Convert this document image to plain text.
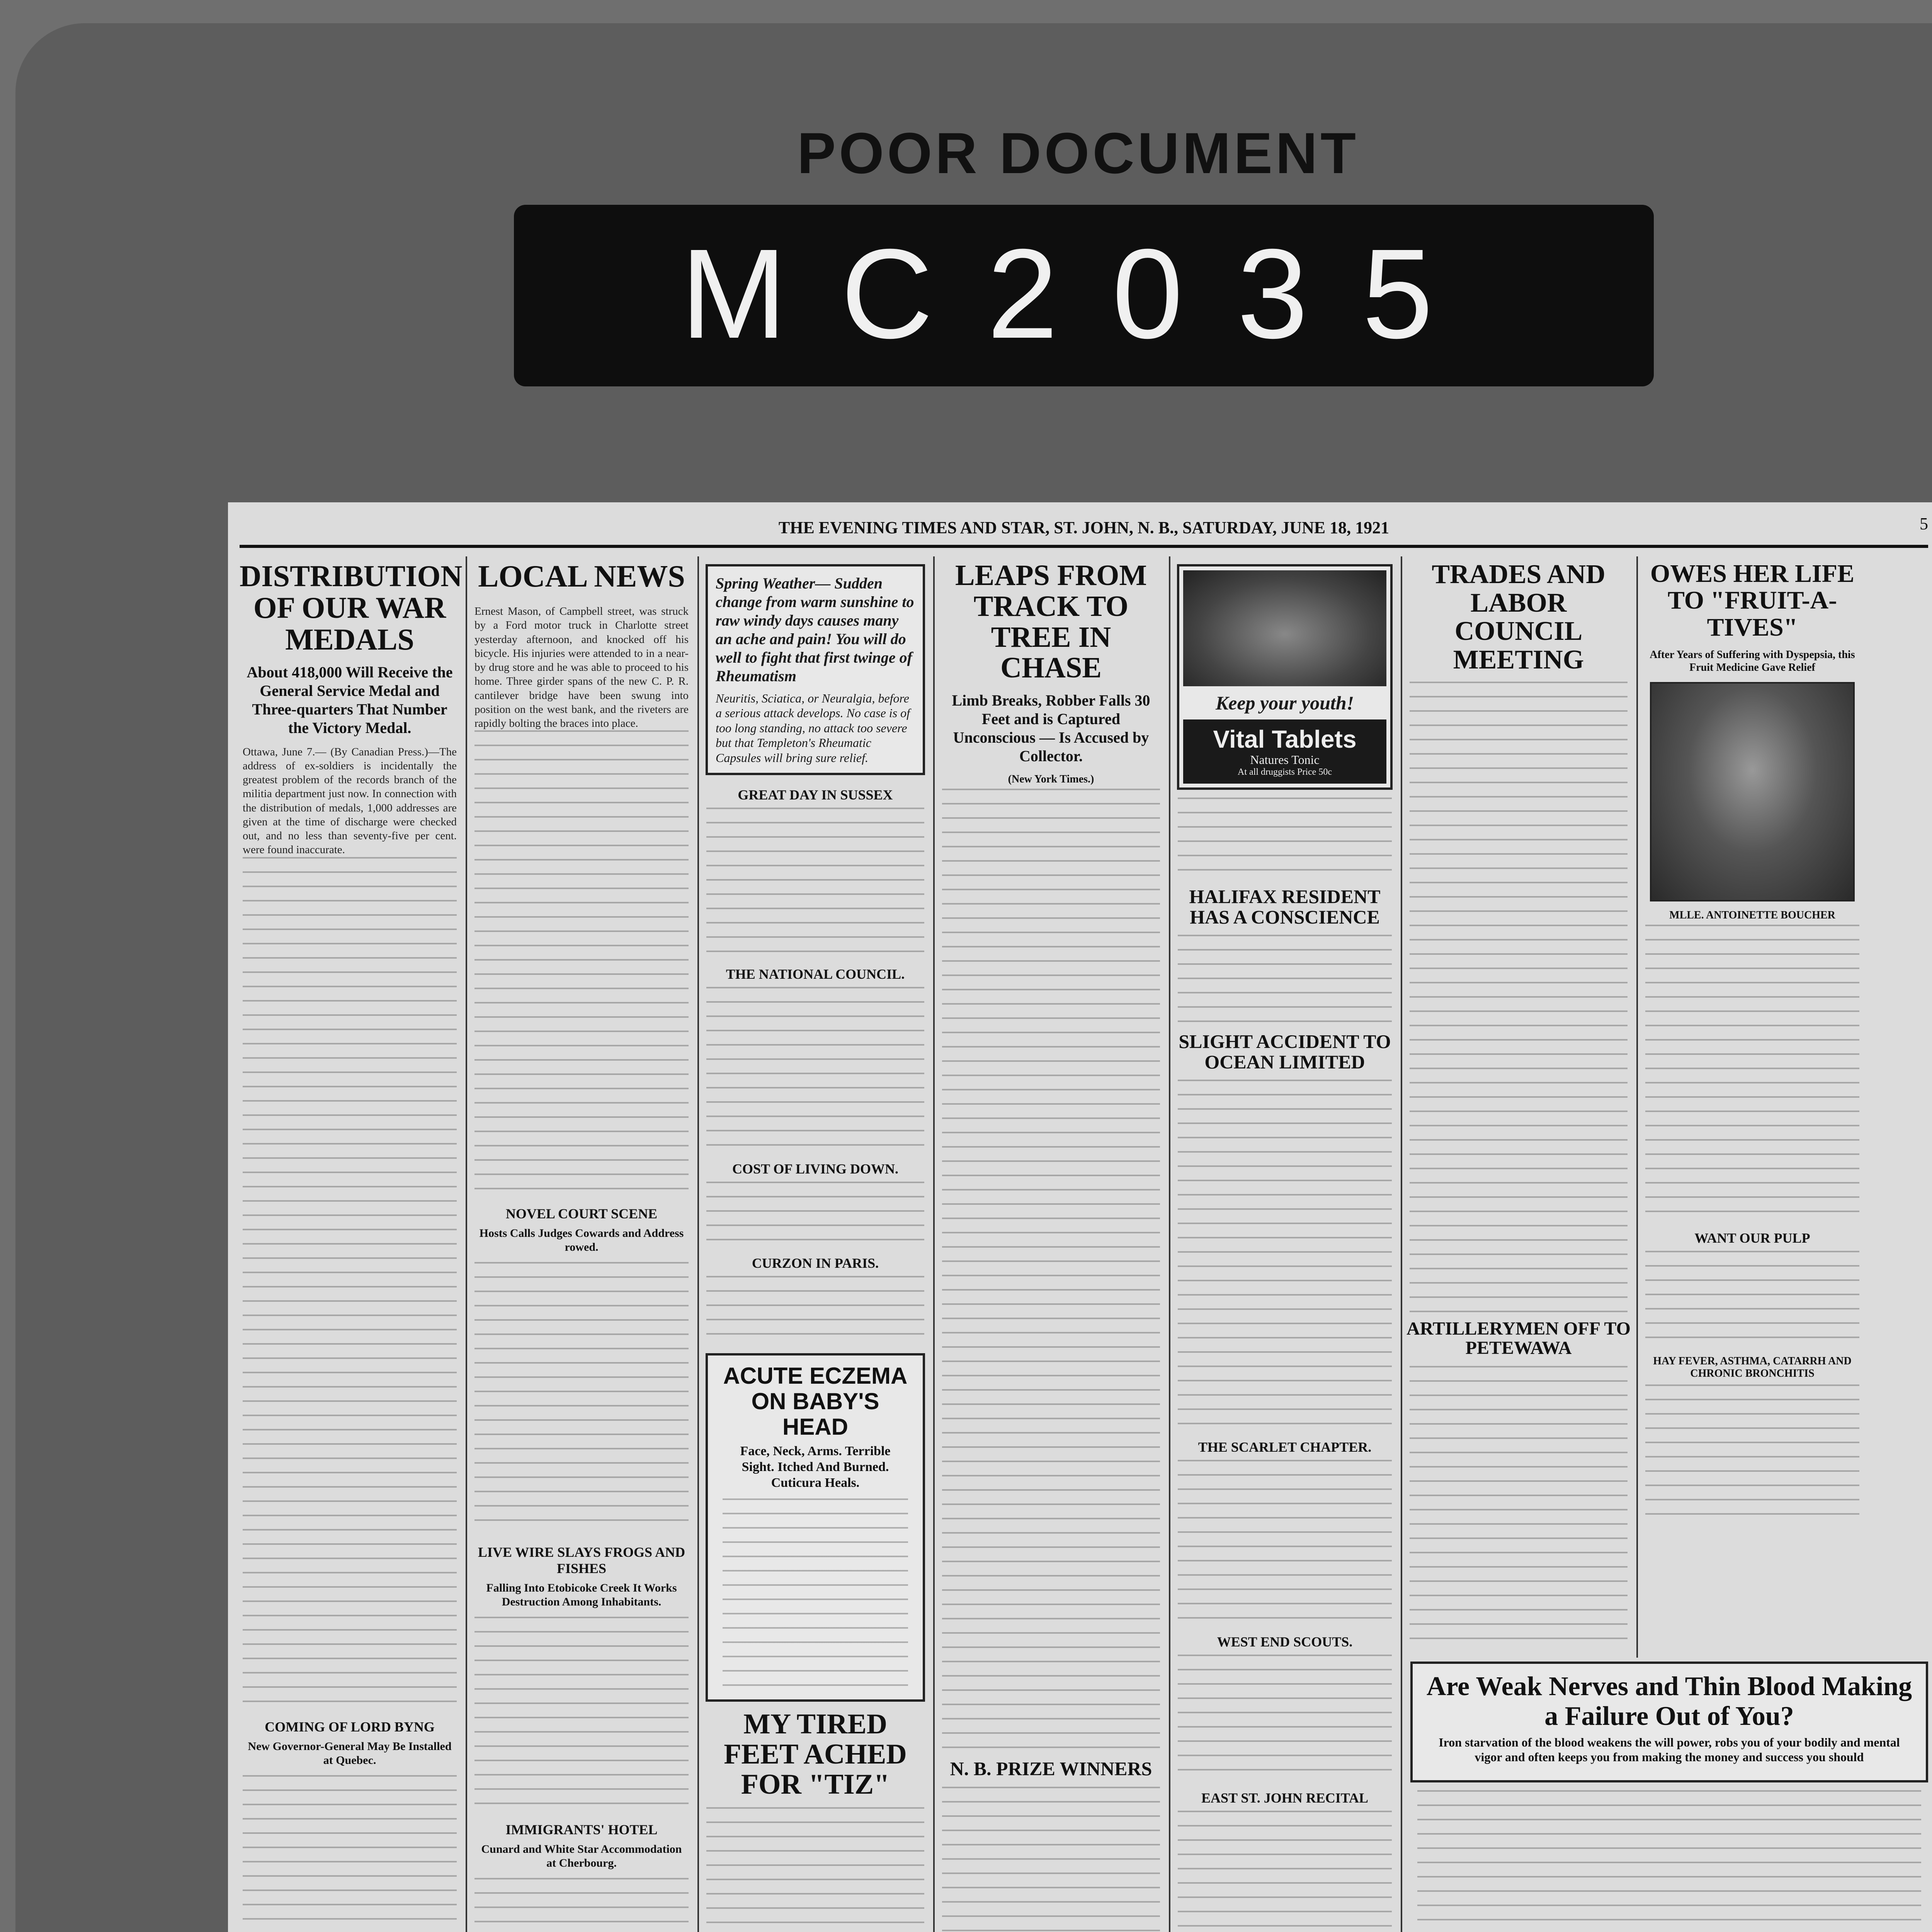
POOR DOCUMENT
MC2035
THE EVENING TIMES AND STAR, ST. JOHN, N. B., SATURDAY, JUNE 18, 1921	5
DISTRIBUTION OF OUR WAR MEDALS
About 418,000 Will Receive the General Service Medal and Three-quarters That Number the Victory Medal.
Ottawa, June 7.— (By Canadian Press.)—The address of ex-soldiers is incidentally the greatest problem of the records branch of the militia department just now. In connection with the distribution of medals, 1,000 addresses are given at the time of discharge were checked out, and no less than seventy-five per cent. were found inaccurate.
COMING OF LORD BYNG
New Governor-General May Be Installed at Quebec.
LOCAL NEWS
Ernest Mason, of Campbell street, was struck by a Ford motor truck in Charlotte street yesterday afternoon, and knocked off his bicycle. His injuries were attended to in a near-by drug store and he was able to proceed to his home. Three girder spans of the new C. P. R. cantilever bridge have been swung into position on the west bank, and the riveters are rapidly bolting the braces into place.
NOVEL COURT SCENE
Hosts Calls Judges Cowards and Address rowed.
LIVE WIRE SLAYS FROGS AND FISHES
Falling Into Etobicoke Creek It Works Destruction Among Inhabitants.
IMMIGRANTS' HOTEL
Cunard and White Star Accommodation at Cherbourg.
Spring Weather— Sudden change from warm sunshine to raw windy days causes many an ache and pain! You will do well to fight that first twinge of Rheumatism
Neuritis, Sciatica, or Neuralgia, before a serious attack develops. No case is of too long standing, no attack too severe but that Templeton's Rheumatic Capsules will bring sure relief.
GREAT DAY IN SUSSEX
THE NATIONAL COUNCIL.
COST OF LIVING DOWN.
CURZON IN PARIS.
ACUTE ECZEMA ON BABY'S HEAD
Face, Neck, Arms. Terrible Sight. Itched And Burned. Cuticura Heals.
MY TIRED FEET ACHED FOR "TIZ"
LEAPS FROM TRACK TO TREE IN CHASE
Limb Breaks, Robber Falls 30 Feet and is Captured Unconscious — Is Accused by Collector.
(New York Times.)
N. B. PRIZE WINNERS
Keep your youth!
Vital Tablets
Natures Tonic
At all druggists Price 50c
HALIFAX RESIDENT HAS A CONSCIENCE
SLIGHT ACCIDENT TO OCEAN LIMITED
THE SCARLET CHAPTER.
WEST END SCOUTS.
EAST ST. JOHN RECITAL
TRADES AND LABOR COUNCIL MEETING
ARTILLERYMEN OFF TO PETEWAWA
OWES HER LIFE TO "FRUIT-A-TIVES"
After Years of Suffering with Dyspepsia, this Fruit Medicine Gave Relief
MLLE. ANTOINETTE BOUCHER
WANT OUR PULP
HAY FEVER, ASTHMA, CATARRH AND CHRONIC BRONCHITIS
Are Weak Nerves and Thin Blood Making a Failure Out of You?
Iron starvation of the blood weakens the will power, robs you of your bodily and mental vigor and often keeps you from making the money and success you should
